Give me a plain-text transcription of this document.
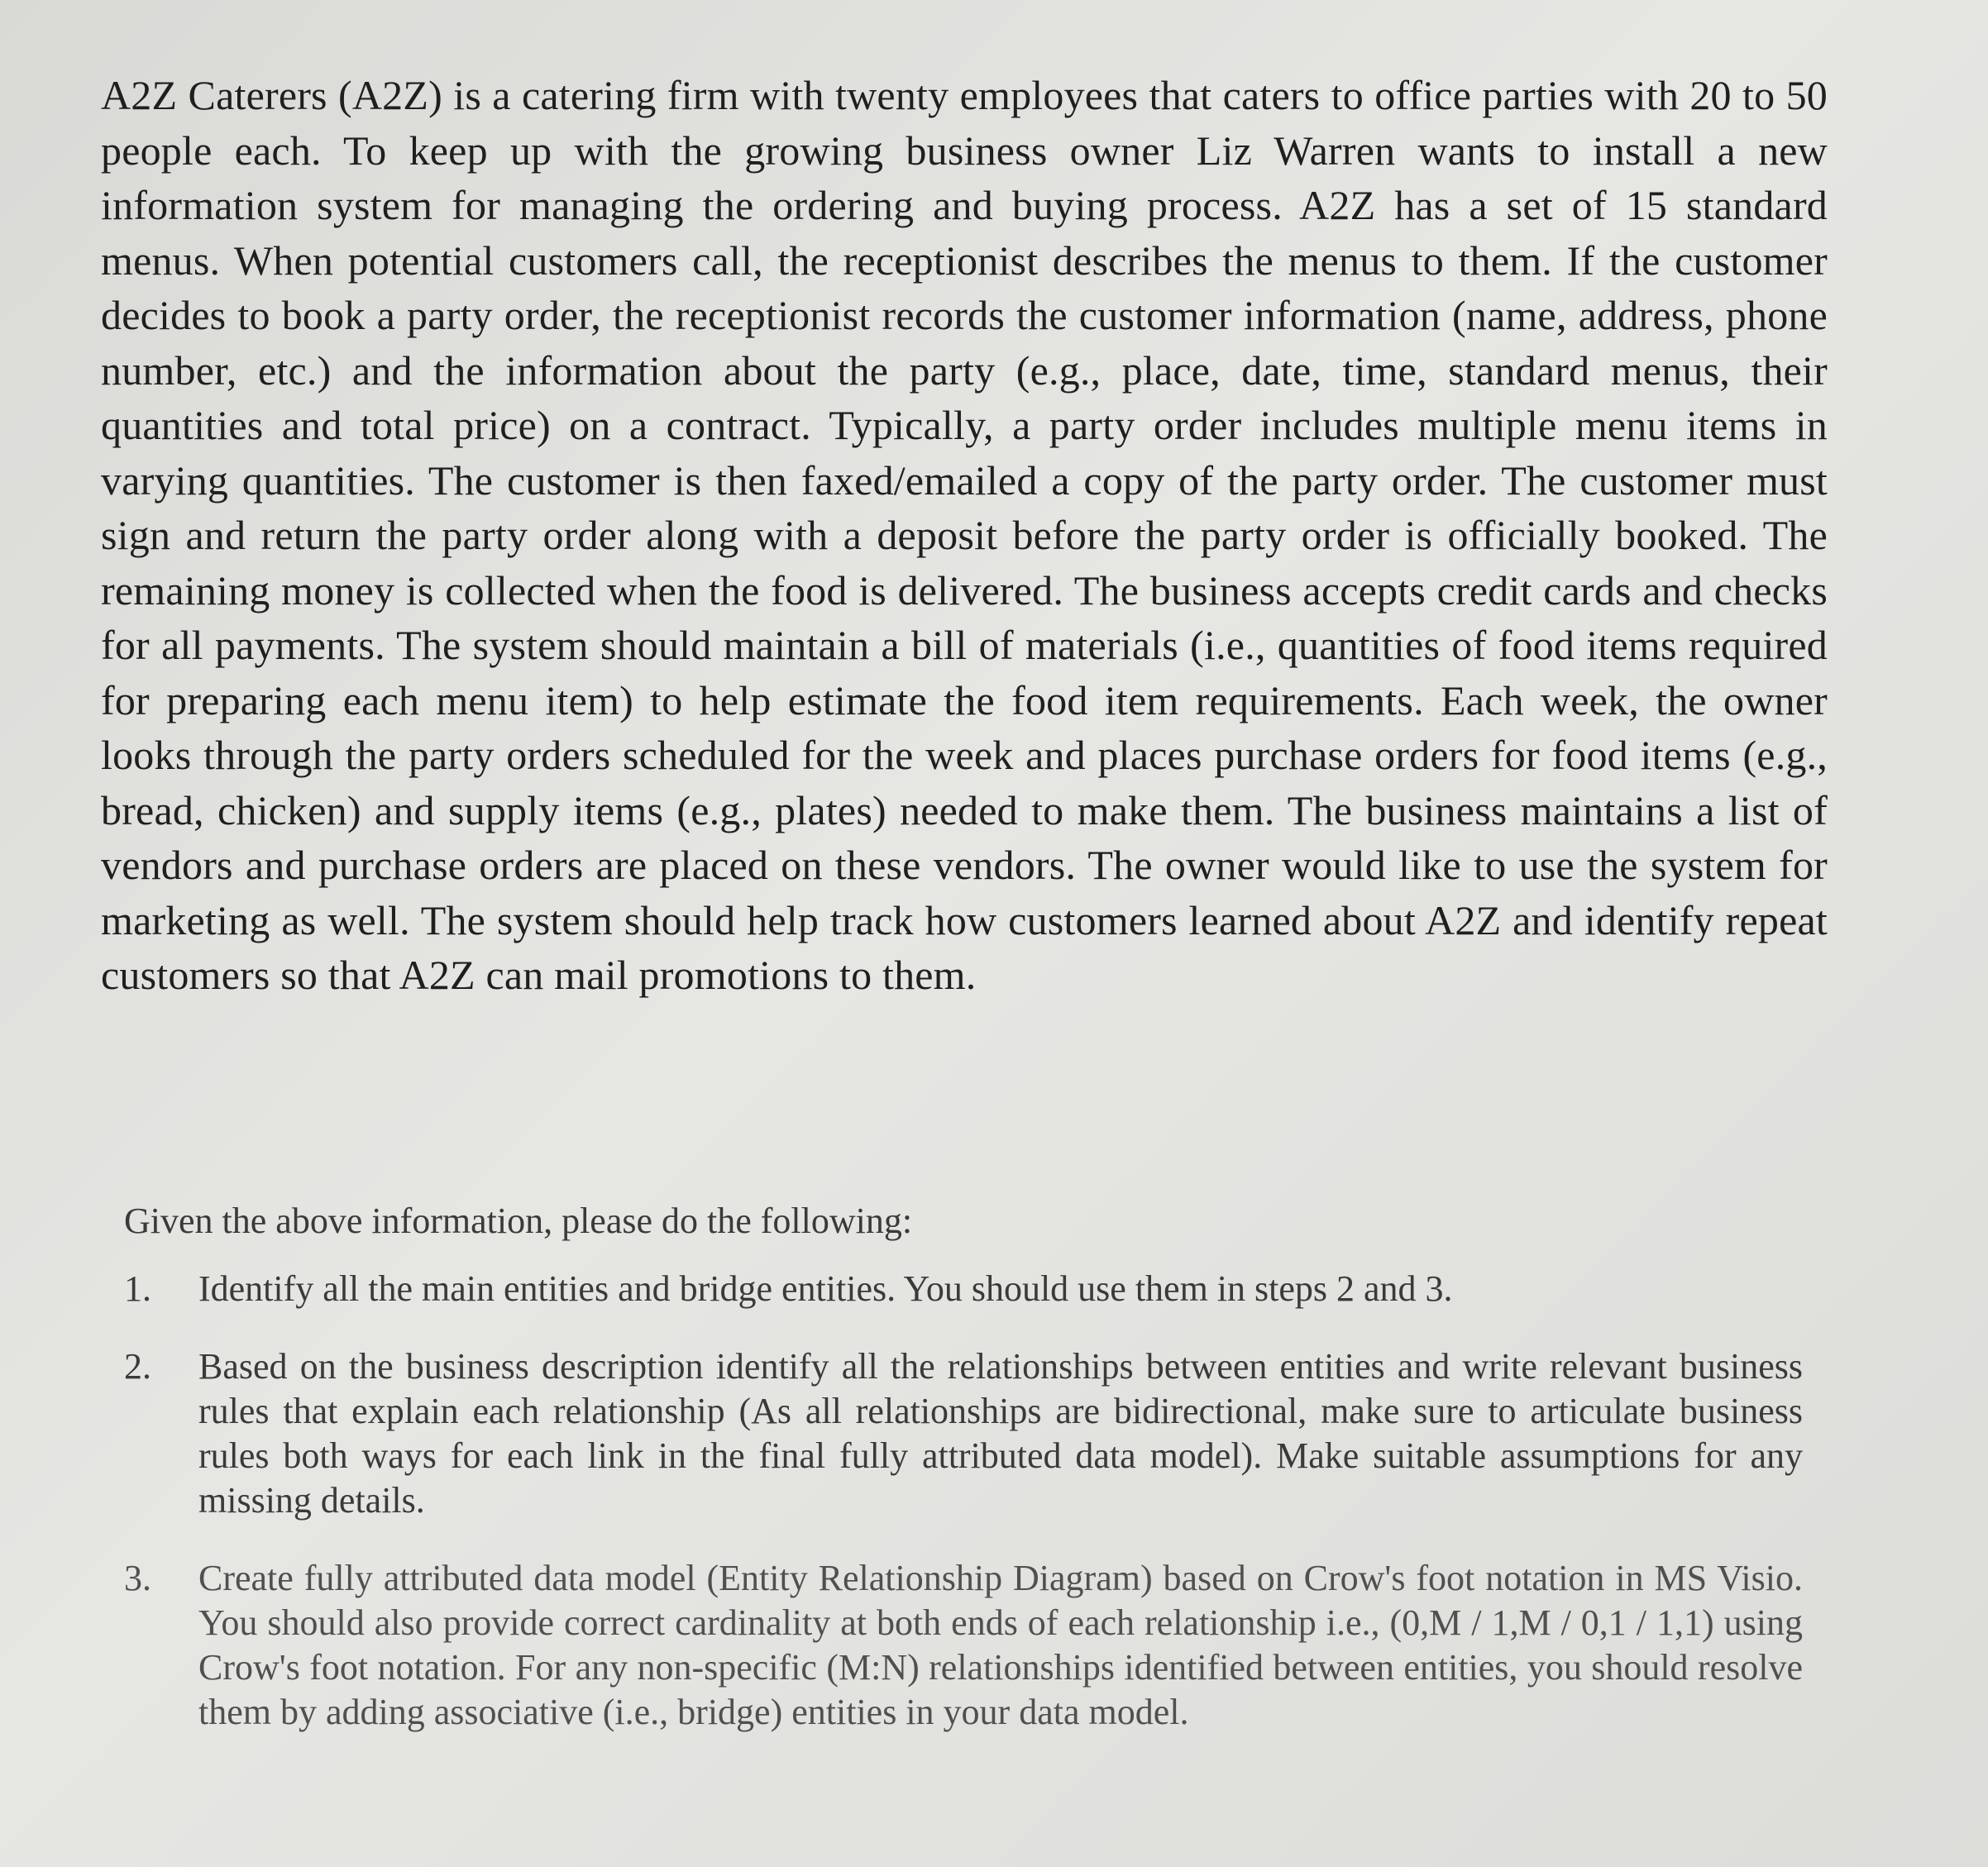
A2Z Caterers (A2Z) is a catering firm with twenty employees that caters to office parties with 20 to 50 people each. To keep up with the growing business owner Liz Warren wants to install a new information system for managing the ordering and buying process. A2Z has a set of 15 standard menus. When potential customers call, the receptionist describes the menus to them. If the customer decides to book a party order, the receptionist records the customer information (name, address, phone number, etc.) and the information about the party (e.g., place, date, time, standard menus, their quantities and total price) on a contract. Typically, a party order includes multiple menu items in varying quantities. The customer is then faxed/emailed a copy of the party order. The customer must sign and return the party order along with a deposit before the party order is officially booked. The remaining money is collected when the food is delivered. The business accepts credit cards and checks for all payments. The system should maintain a bill of materials (i.e., quantities of food items required for preparing each menu item) to help estimate the food item requirements. Each week, the owner looks through the party orders scheduled for the week and places purchase orders for food items (e.g., bread, chicken) and supply items (e.g., plates) needed to make them. The business maintains a list of vendors and purchase orders are placed on these vendors. The owner would like to use the system for marketing as well. The system should help track how customers learned about A2Z and identify repeat customers so that A2Z can mail promotions to them.

Given the above information, please do the following:

1. Identify all the main entities and bridge entities. You should use them in steps 2 and 3.
2. Based on the business description identify all the relationships between entities and write relevant business rules that explain each relationship (As all relationships are bidirectional, make sure to articulate business rules both ways for each link in the final fully attributed data model). Make suitable assumptions for any missing details.
3. Create fully attributed data model (Entity Relationship Diagram) based on Crow's foot notation in MS Visio. You should also provide correct cardinality at both ends of each relationship i.e., (0,M / 1,M / 0,1 / 1,1) using Crow's foot notation. For any non-specific (M:N) relationships identified between entities, you should resolve them by adding associative (i.e., bridge) entities in your data model.
